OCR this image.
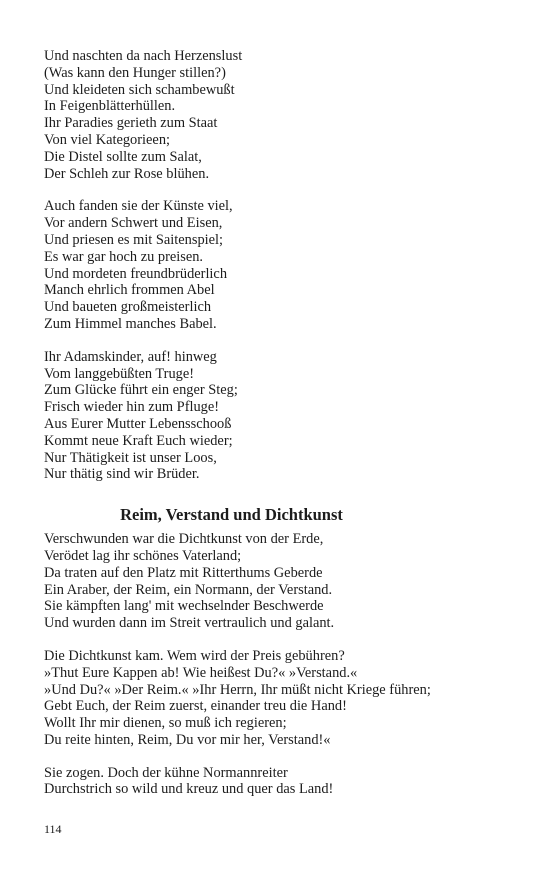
Und naschten da nach Herzenslust
(Was kann den Hunger stillen?)
Und kleideten sich schambewußt
In Feigenblätterhüllen.
Ihr Paradies gerieth zum Staat
Von viel Kategorieen;
Die Distel sollte zum Salat,
Der Schleh zur Rose blühen.
Auch fanden sie der Künste viel,
Vor andern Schwert und Eisen,
Und priesen es mit Saitenspiel;
Es war gar hoch zu preisen.
Und mordeten freundbrüderlich
Manch ehrlich frommen Abel
Und baueten großmeisterlich
Zum Himmel manches Babel.
Ihr Adamskinder, auf! hinweg
Vom langgebüßten Truge!
Zum Glücke führt ein enger Steg;
Frisch wieder hin zum Pfluge!
Aus Eurer Mutter Lebensschooß
Kommt neue Kraft Euch wieder;
Nur Thätigkeit ist unser Loos,
Nur thätig sind wir Brüder.
Reim, Verstand und Dichtkunst
Verschwunden war die Dichtkunst von der Erde,
Verödet lag ihr schönes Vaterland;
Da traten auf den Platz mit Ritterthums Geberde
Ein Araber, der Reim, ein Normann, der Verstand.
Sie kämpften lang' mit wechselnder Beschwerde
Und wurden dann im Streit vertraulich und galant.
Die Dichtkunst kam. Wem wird der Preis gebühren?
»Thut Eure Kappen ab! Wie heißest Du?« »Verstand.«
»Und Du?« »Der Reim.« »Ihr Herrn, Ihr müßt nicht Kriege führen;
Gebt Euch, der Reim zuerst, einander treu die Hand!
Wollt Ihr mir dienen, so muß ich regieren;
Du reite hinten, Reim, Du vor mir her, Verstand!«
Sie zogen. Doch der kühne Normannreiter
Durchstrich so wild und kreuz und quer das Land!
114
